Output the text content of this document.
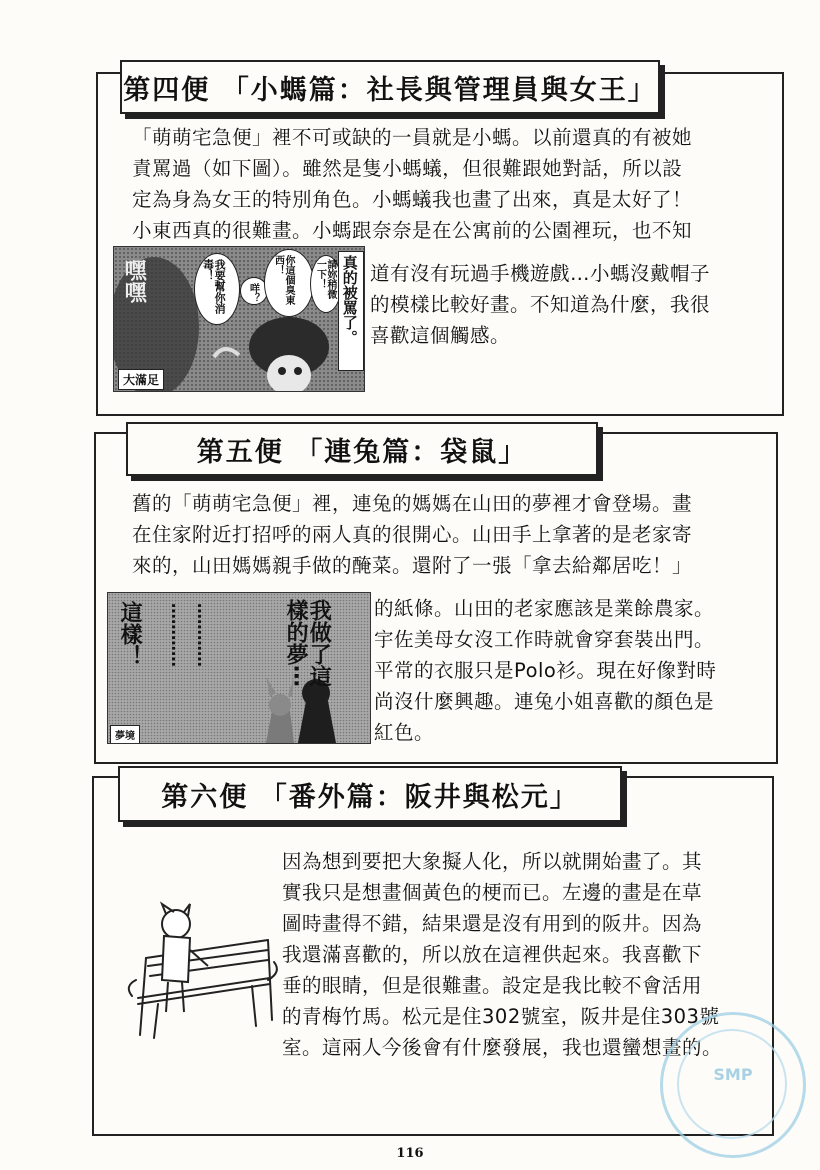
第四便 「小螞篇：社長與管理員與女王」
「萌萌宅急便」裡不可或缺的一員就是小螞。以前還真的有被她
責罵過（如下圖）。雖然是隻小螞蟻，但很難跟她對話，所以設
定為身為女王的特別角色。小螞蟻我也畫了出來，真是太好了！
小東西真的很難畫。小螞跟奈奈是在公寓前的公園裡玩，也不知
道有沒有玩過手機遊戲…小螞沒戴帽子
的模樣比較好畫。不知道為什麼，我很
喜歡這個觸感。
嘿嘿	我要幫你消毒！
咩？	你這個臭東西！	請妳稍微一下！	真的被罵了。
大滿足
第五便 「連兔篇：袋鼠」
舊的「萌萌宅急便」裡，連兔的媽媽在山田的夢裡才會登場。畫
在住家附近打招呼的兩人真的很開心。山田手上拿著的是老家寄
來的，山田媽媽親手做的醃菜。還附了一張「拿去給鄰居吃！」
的紙條。山田的老家應該是業餘農家。
宇佐美母女沒工作時就會穿套裝出門。
平常的衣服只是Polo衫。現在好像對時
尚沒什麼興趣。連兔小姐喜歡的顏色是
紅色。
這樣！ ⋯⋯⋯⋯ ⋯⋯⋯⋯	我做了這樣的夢⋯
夢境
第六便 「番外篇：阪井與松元」
因為想到要把大象擬人化，所以就開始畫了。其
實我只是想畫個黃色的梗而已。左邊的畫是在草
圖時畫得不錯，結果還是沒有用到的阪井。因為
我還滿喜歡的，所以放在這裡供起來。我喜歡下
垂的眼睛，但是很難畫。設定是我比較不會活用
的青梅竹馬。松元是住302號室，阪井是住303號
室。這兩人今後會有什麼發展，我也還蠻想畫的。
SMP
116
